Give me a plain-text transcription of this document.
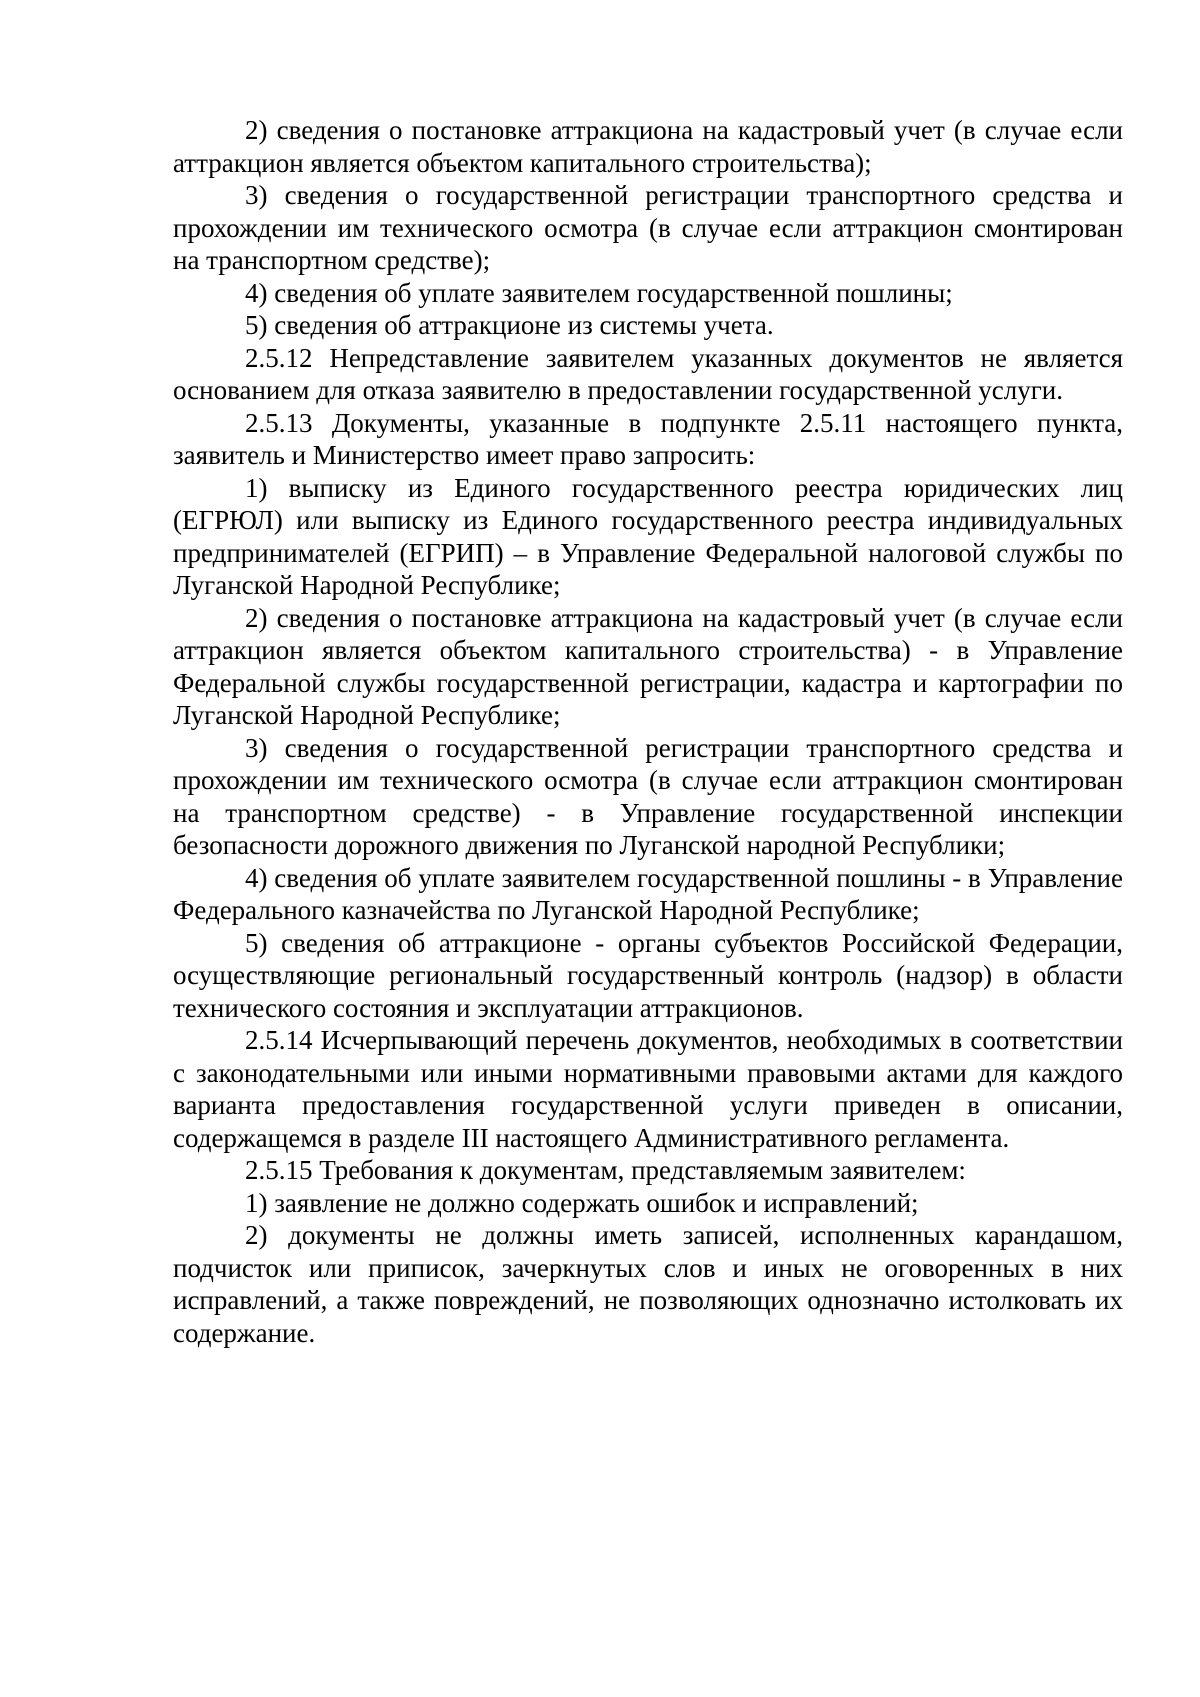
2) сведения о постановке аттракциона на кадастровый учет (в случае если аттракцион является объектом капитального строительства);

3) сведения о государственной регистрации транспортного средства и прохождении им технического осмотра (в случае если аттракцион смонтирован на транспортном средстве);

4) сведения об уплате заявителем государственной пошлины;

5) сведения об аттракционе из системы учета.

2.5.12 Непредставление заявителем указанных документов не является основанием для отказа заявителю в предоставлении государственной услуги.

2.5.13 Документы, указанные в подпункте 2.5.11 настоящего пункта, заявитель и Министерство имеет право запросить:

1) выписку из Единого государственного реестра юридических лиц (ЕГРЮЛ) или выписку из Единого государственного реестра индивидуальных предпринимателей (ЕГРИП) – в Управление Федеральной налоговой службы по Луганской Народной Республике;

2) сведения о постановке аттракциона на кадастровый учет (в случае если аттракцион является объектом капитального строительства) - в Управление Федеральной службы государственной регистрации, кадастра и картографии по Луганской Народной Республике;

3) сведения о государственной регистрации транспортного средства и прохождении им технического осмотра (в случае если аттракцион смонтирован на транспортном средстве) - в Управление государственной инспекции безопасности дорожного движения по Луганской народной Республики;

4) сведения об уплате заявителем государственной пошлины - в Управление Федерального казначейства по Луганской Народной Республике;

5) сведения об аттракционе - органы субъектов Российской Федерации, осуществляющие региональный государственный контроль (надзор) в области технического состояния и эксплуатации аттракционов.

2.5.14 Исчерпывающий перечень документов, необходимых в соответствии с законодательными или иными нормативными правовыми актами для каждого варианта предоставления государственной услуги приведен в описании, содержащемся в разделе III настоящего Административного регламента.

2.5.15 Требования к документам, представляемым заявителем:

1) заявление не должно содержать ошибок и исправлений;

2) документы не должны иметь записей, исполненных карандашом, подчисток или приписок, зачеркнутых слов и иных не оговоренных в них исправлений, а также повреждений, не позволяющих однозначно истолковать их содержание.
